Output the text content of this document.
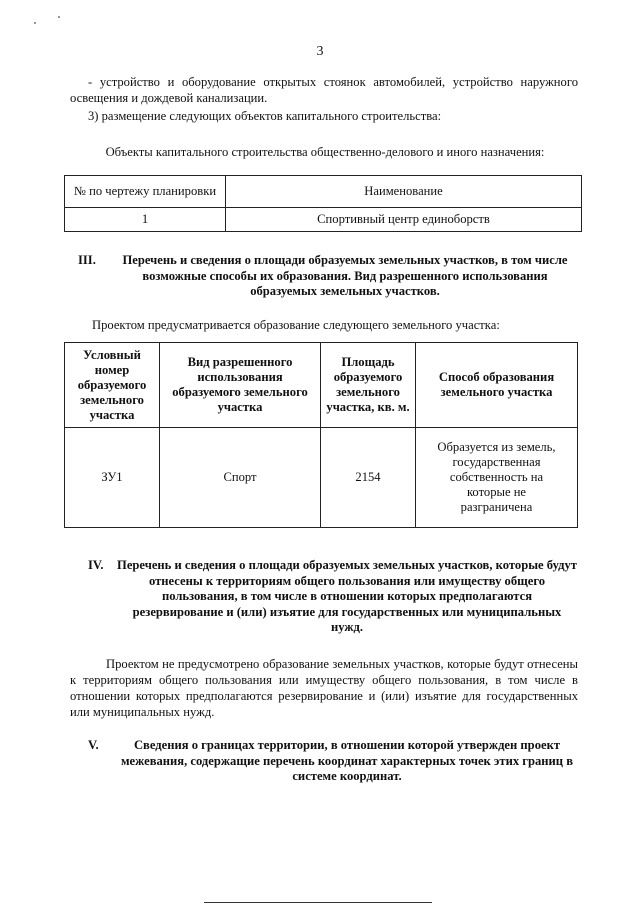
3
- устройство и оборудование открытых стоянок автомобилей, устройство наружного освещения и дождевой канализации.
3) размещение следующих объектов капитального строительства:
Объекты капитального строительства общественно-делового и иного назначения:
№ по чертежу планировки	Наименование
1	Спортивный центр единоборств
III.	Перечень и сведения о площади образуемых земельных участков, в том числе возможные способы их образования. Вид разрешенного использования образуемых земельных участков.
Проектом предусматривается образование следующего земельного участка:
Условный номер образуемого земельного участка	Вид разрешенного использования образуемого земельного участка	Площадь образуемого земельного участка, кв. м.	Способ образования земельного участка
ЗУ1	Спорт	2154	Образуется из земель, государственная собственность на которые не разграничена
IV. Перечень и сведения о площади образуемых земельных участков, которые будут отнесены к территориям общего пользования или имуществу общего пользования, в том числе в отношении которых предполагаются резервирование и (или) изъятие для государственных или муниципальных нужд.
Проектом не предусмотрено образование земельных участков, которые будут отнесены к территориям общего пользования или имуществу общего пользования, в том числе в отношении которых предполагаются резервирование и (или) изъятие для государственных или муниципальных нужд.
V.	Сведения о границах территории, в отношении которой утвержден проект межевания, содержащие перечень координат характерных точек этих границ в системе координат.
